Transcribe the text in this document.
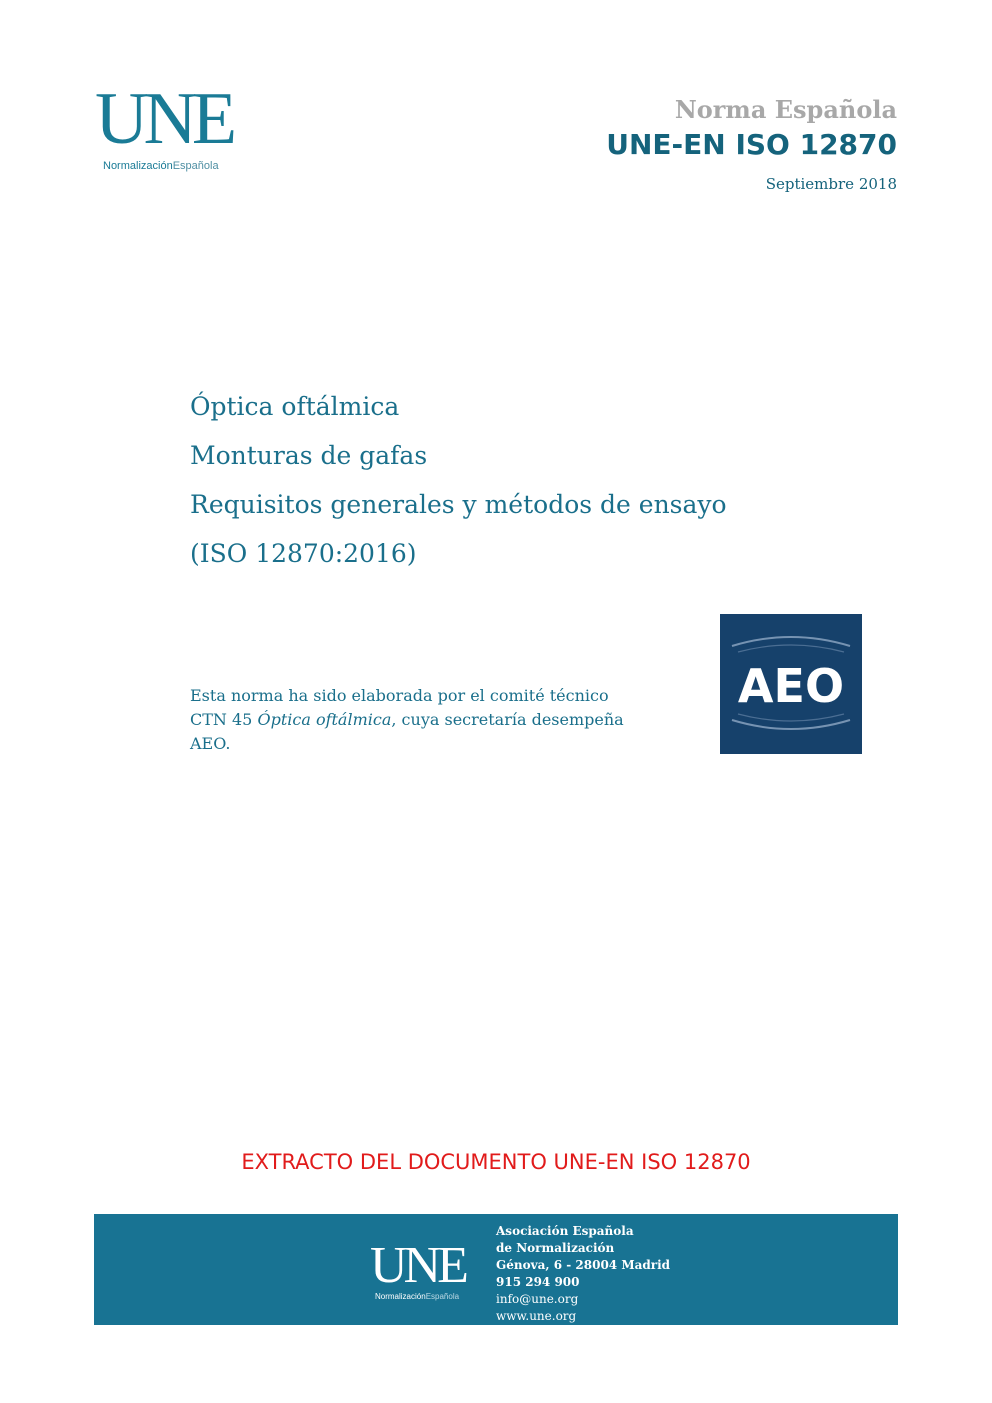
UNE
NormalizaciónEspañola
Norma Española
UNE-EN ISO 12870
Septiembre 2018
Óptica oftálmica
Monturas de gafas
Requisitos generales y métodos de ensayo
(ISO 12870:2016)
Esta norma ha sido elaborada por el comité técnico
CTN 45 Óptica oftálmica, cuya secretaría desempeña
AEO.
AEO
EXTRACTO DEL DOCUMENTO UNE-EN ISO 12870
UNE
NormalizaciónEspañola
Asociación Española
de Normalización
Génova, 6 - 28004 Madrid
915 294 900
info@une.org
www.une.org
